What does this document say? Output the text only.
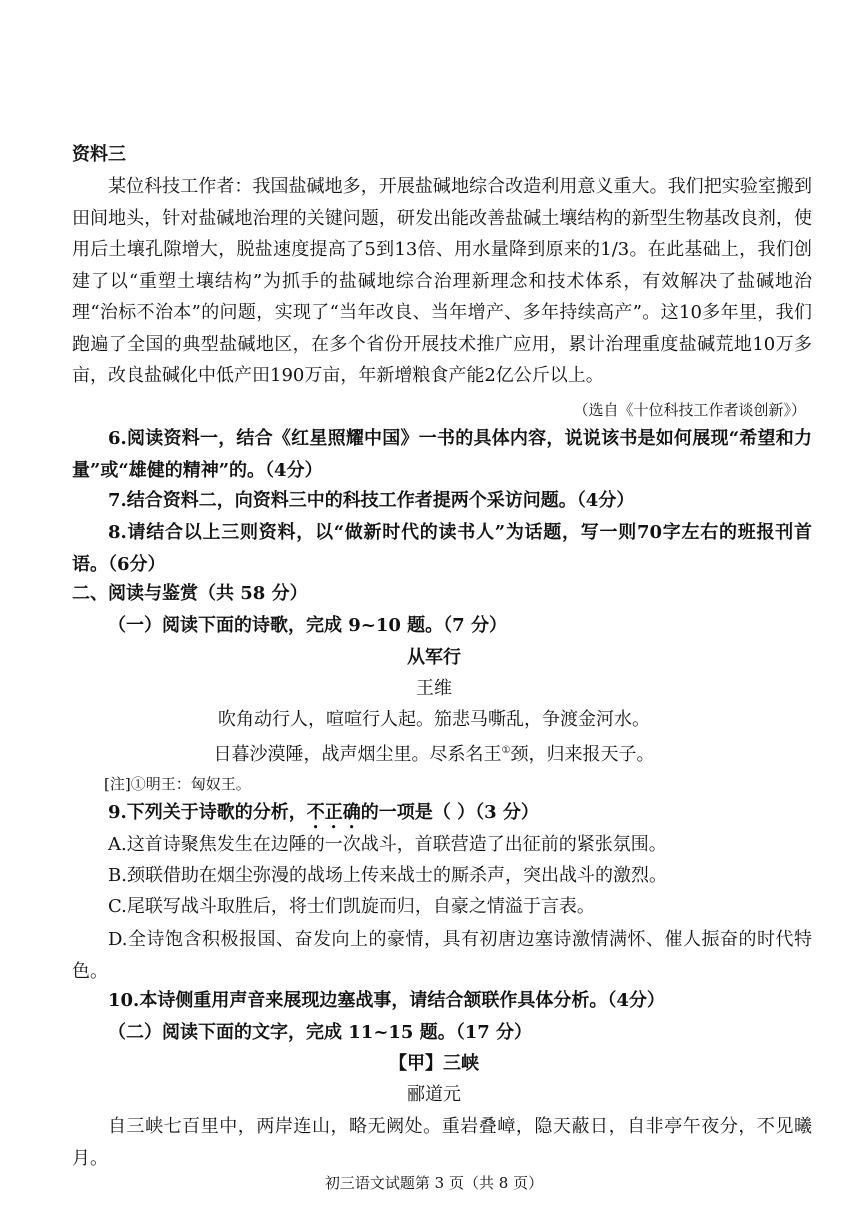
资料三
某位科技工作者：我国盐碱地多，开展盐碱地综合改造利用意义重大。我们把实验室搬到田间地头，针对盐碱地治理的关键问题，研发出能改善盐碱土壤结构的新型生物基改良剂，使用后土壤孔隙增大，脱盐速度提高了5到13倍、用水量降到原来的1/3。在此基础上，我们创建了以“重塑土壤结构”为抓手的盐碱地综合治理新理念和技术体系，有效解决了盐碱地治理“治标不治本”的问题，实现了“当年改良、当年增产、多年持续高产”。这10多年里，我们跑遍了全国的典型盐碱地区，在多个省份开展技术推广应用，累计治理重度盐碱荒地10万多亩，改良盐碱化中低产田190万亩，年新增粮食产能2亿公斤以上。
（选自《十位科技工作者谈创新》）
6.阅读资料一，结合《红星照耀中国》一书的具体内容，说说该书是如何展现“希望和力量”或“雄健的精神”的。（4分）
7.结合资料二，向资料三中的科技工作者提两个采访问题。（4分）
8.请结合以上三则资料，以“做新时代的读书人”为话题，写一则70字左右的班报刊首语。（6分）
二、阅读与鉴赏（共 58 分）
（一）阅读下面的诗歌，完成 9~10 题。（7 分）
从军行
王维
吹角动行人，喧喧行人起。笳悲马嘶乱，争渡金河水。
日暮沙漠陲，战声烟尘里。尽系名王①颈，归来报天子。
[注]①明王：匈奴王。
9.下列关于诗歌的分析，不正确的一项是（ ）（3 分）
A.这首诗聚焦发生在边陲的一次战斗，首联营造了出征前的紧张氛围。
B.颈联借助在烟尘弥漫的战场上传来战士的厮杀声，突出战斗的激烈。
C.尾联写战斗取胜后，将士们凯旋而归，自豪之情溢于言表。
D.全诗饱含积极报国、奋发向上的豪情，具有初唐边塞诗激情满怀、催人振奋的时代特色。
10.本诗侧重用声音来展现边塞战事，请结合颔联作具体分析。（4分）
（二）阅读下面的文字，完成 11~15 题。（17 分）
【甲】三峡
郦道元
自三峡七百里中，两岸连山，略无阙处。重岩叠嶂，隐天蔽日，自非亭午夜分，不见曦月。
初三语文试题第 3 页（共 8 页）
